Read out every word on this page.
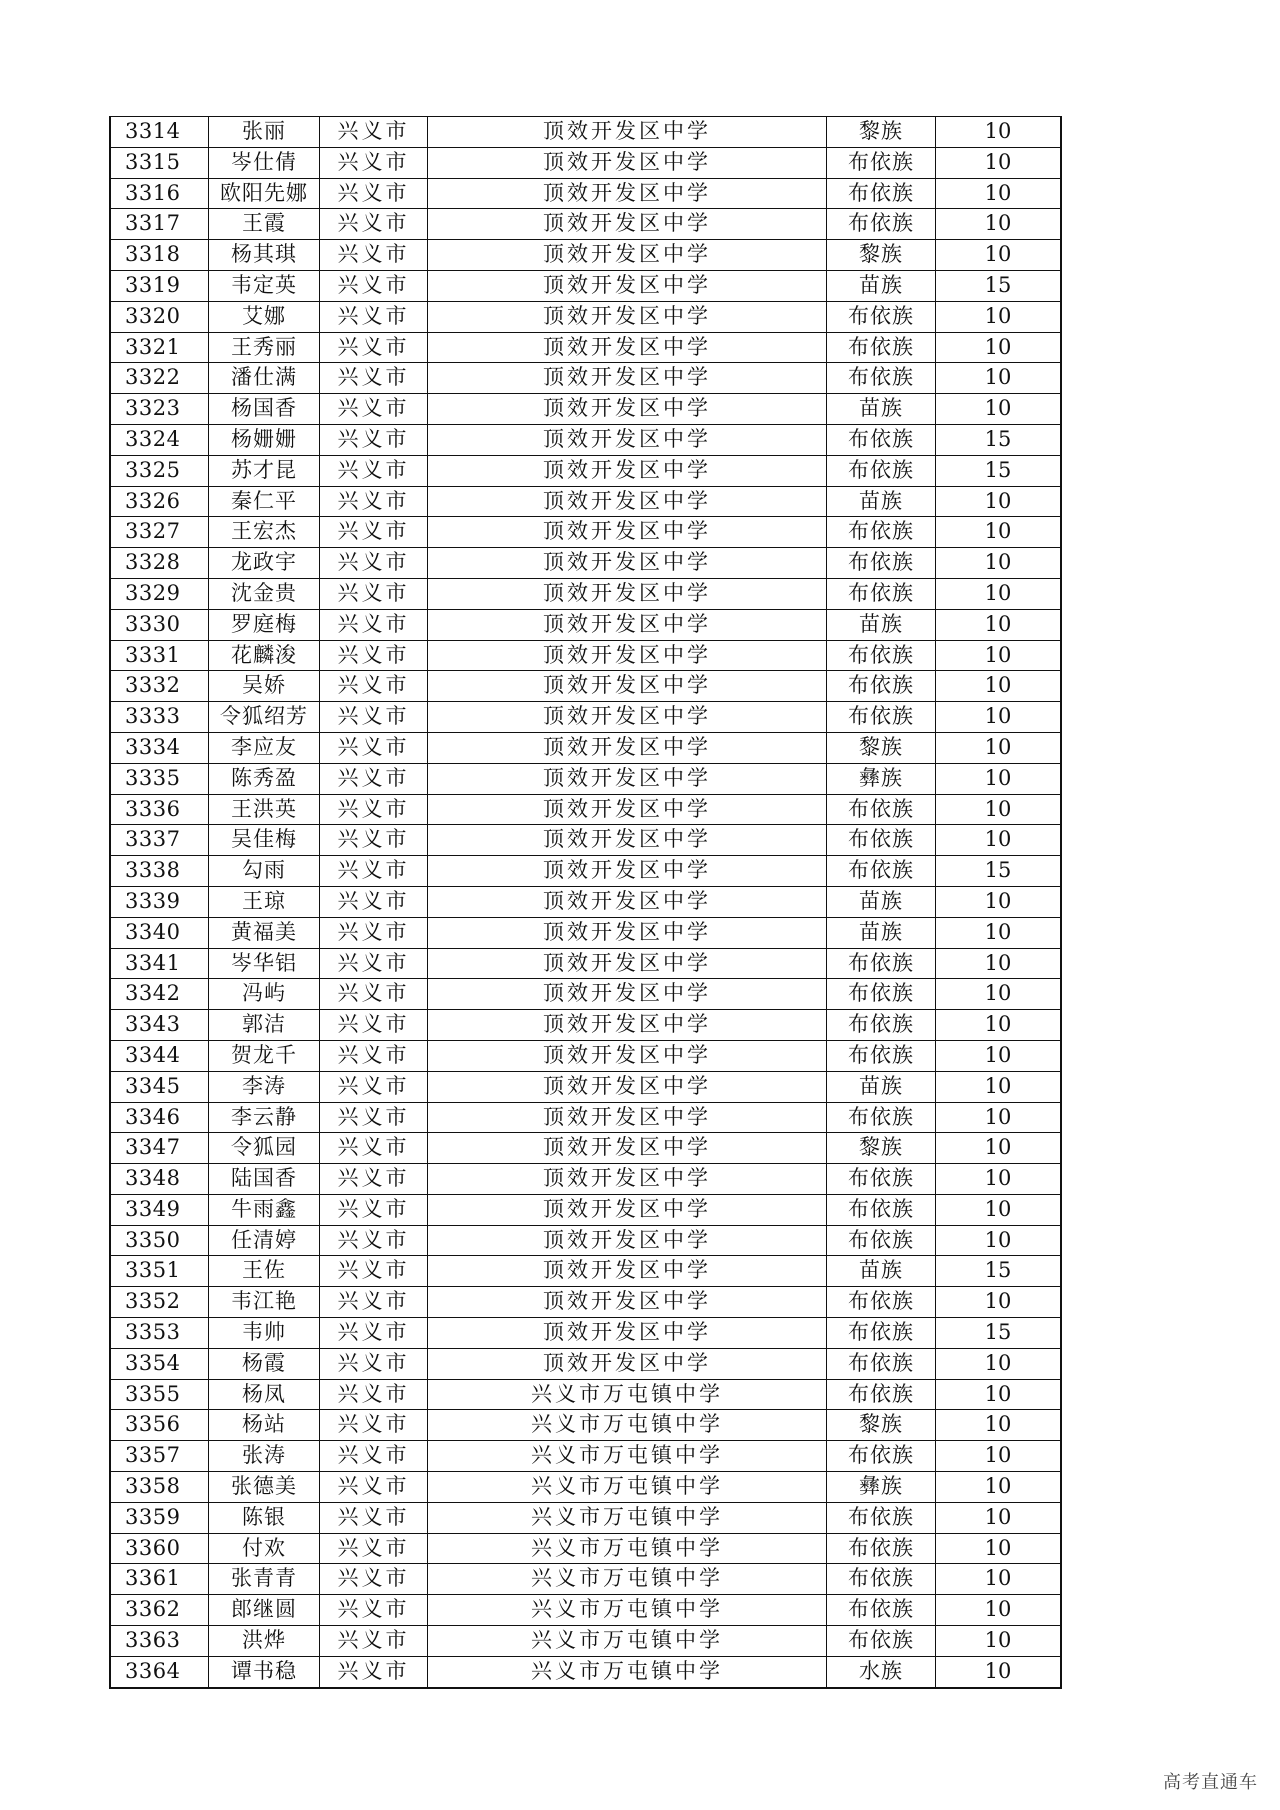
3314	张丽	兴义市	顶效开发区中学	黎族	10
3315	岑仕倩	兴义市	顶效开发区中学	布依族	10
3316	欧阳先娜	兴义市	顶效开发区中学	布依族	10
3317	王霞	兴义市	顶效开发区中学	布依族	10
3318	杨其琪	兴义市	顶效开发区中学	黎族	10
3319	韦定英	兴义市	顶效开发区中学	苗族	15
3320	艾娜	兴义市	顶效开发区中学	布依族	10
3321	王秀丽	兴义市	顶效开发区中学	布依族	10
3322	潘仕满	兴义市	顶效开发区中学	布依族	10
3323	杨国香	兴义市	顶效开发区中学	苗族	10
3324	杨姗姗	兴义市	顶效开发区中学	布依族	15
3325	苏才昆	兴义市	顶效开发区中学	布依族	15
3326	秦仁平	兴义市	顶效开发区中学	苗族	10
3327	王宏杰	兴义市	顶效开发区中学	布依族	10
3328	龙政宇	兴义市	顶效开发区中学	布依族	10
3329	沈金贵	兴义市	顶效开发区中学	布依族	10
3330	罗庭梅	兴义市	顶效开发区中学	苗族	10
3331	花麟浚	兴义市	顶效开发区中学	布依族	10
3332	吴娇	兴义市	顶效开发区中学	布依族	10
3333	令狐绍芳	兴义市	顶效开发区中学	布依族	10
3334	李应友	兴义市	顶效开发区中学	黎族	10
3335	陈秀盈	兴义市	顶效开发区中学	彝族	10
3336	王洪英	兴义市	顶效开发区中学	布依族	10
3337	吴佳梅	兴义市	顶效开发区中学	布依族	10
3338	勾雨	兴义市	顶效开发区中学	布依族	15
3339	王琼	兴义市	顶效开发区中学	苗族	10
3340	黄福美	兴义市	顶效开发区中学	苗族	10
3341	岑华铝	兴义市	顶效开发区中学	布依族	10
3342	冯屿	兴义市	顶效开发区中学	布依族	10
3343	郭洁	兴义市	顶效开发区中学	布依族	10
3344	贺龙千	兴义市	顶效开发区中学	布依族	10
3345	李涛	兴义市	顶效开发区中学	苗族	10
3346	李云静	兴义市	顶效开发区中学	布依族	10
3347	令狐园	兴义市	顶效开发区中学	黎族	10
3348	陆国香	兴义市	顶效开发区中学	布依族	10
3349	牛雨鑫	兴义市	顶效开发区中学	布依族	10
3350	任清婷	兴义市	顶效开发区中学	布依族	10
3351	王佐	兴义市	顶效开发区中学	苗族	15
3352	韦江艳	兴义市	顶效开发区中学	布依族	10
3353	韦帅	兴义市	顶效开发区中学	布依族	15
3354	杨霞	兴义市	顶效开发区中学	布依族	10
3355	杨凤	兴义市	兴义市万屯镇中学	布依族	10
3356	杨站	兴义市	兴义市万屯镇中学	黎族	10
3357	张涛	兴义市	兴义市万屯镇中学	布依族	10
3358	张德美	兴义市	兴义市万屯镇中学	彝族	10
3359	陈银	兴义市	兴义市万屯镇中学	布依族	10
3360	付欢	兴义市	兴义市万屯镇中学	布依族	10
3361	张青青	兴义市	兴义市万屯镇中学	布依族	10
3362	郎继圆	兴义市	兴义市万屯镇中学	布依族	10
3363	洪烨	兴义市	兴义市万屯镇中学	布依族	10
3364	谭书稳	兴义市	兴义市万屯镇中学	水族	10
高考直通车
